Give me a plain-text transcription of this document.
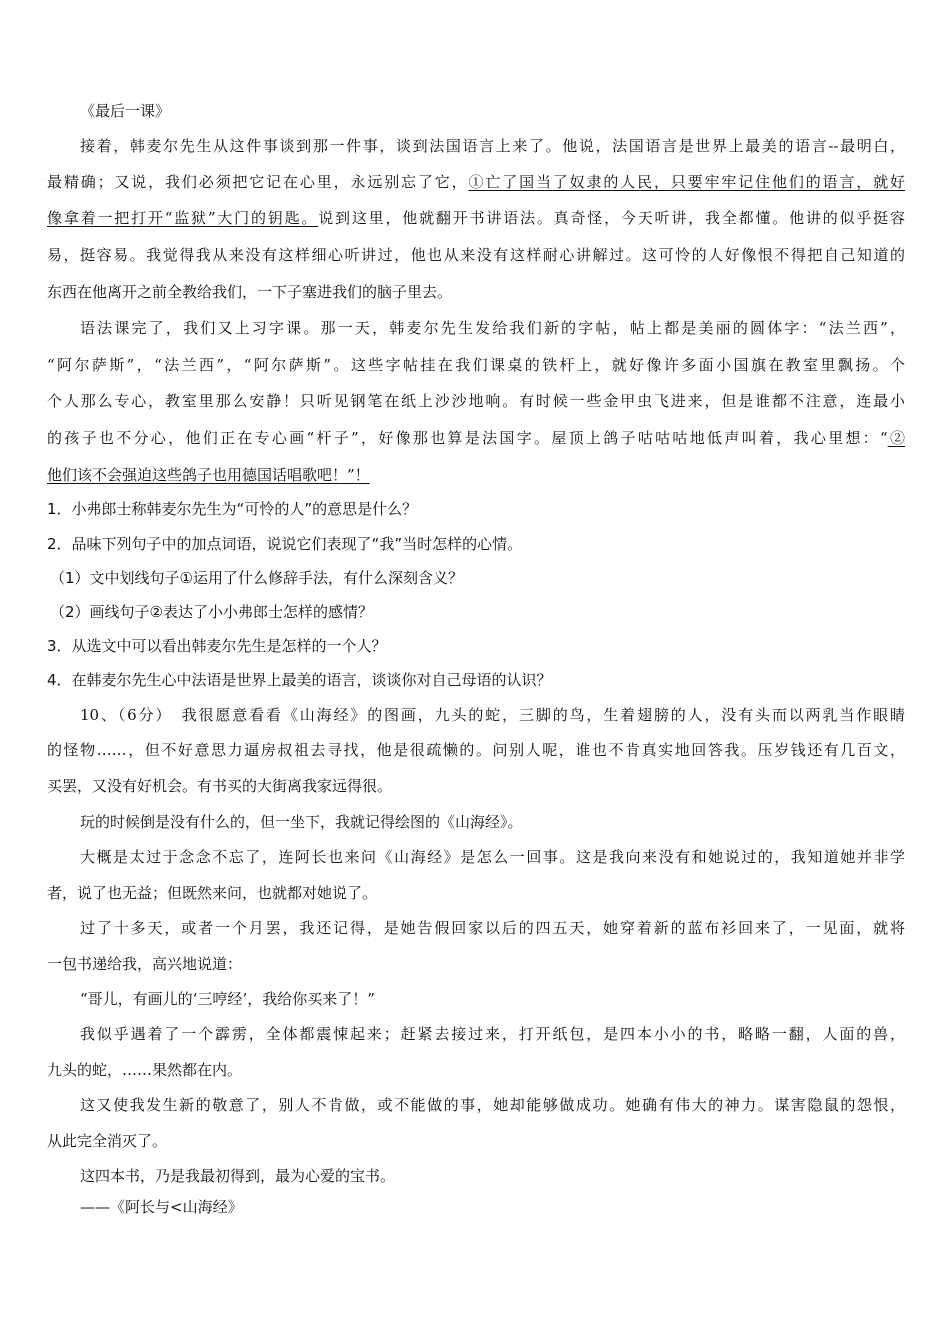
《最后一课》
接着，韩麦尔先生从这件事谈到那一件事，谈到法国语言上来了。他说，法国语言是世界上最美的语言--最明白，
最精确；又说，我们必须把它记在心里，永远别忘了它，①亡了国当了奴隶的人民，只要牢牢记住他们的语言，就好
像拿着一把打开“监狱”大门的钥匙。说到这里，他就翻开书讲语法。真奇怪，今天听讲，我全都懂。他讲的似乎挺容
易，挺容易。我觉得我从来没有这样细心听讲过，他也从来没有这样耐心讲解过。这可怜的人好像恨不得把自己知道的
东西在他离开之前全教给我们，一下子塞进我们的脑子里去。
语法课完了，我们又上习字课。那一天，韩麦尔先生发给我们新的字帖，帖上都是美丽的圆体字：“法兰西”，
“阿尔萨斯”，“法兰西”，“阿尔萨斯”。这些字帖挂在我们课桌的铁杆上，就好像许多面小国旗在教室里飘扬。个
个人那么专心，教室里那么安静！只听见钢笔在纸上沙沙地响。有时候一些金甲虫飞进来，但是谁都不注意，连最小
的孩子也不分心，他们正在专心画“杆子”，好像那也算是法国字。屋顶上鸽子咕咕咕地低声叫着，我心里想：“②
他们该不会强迫这些鸽子也用德国话唱歌吧！”！
1．小弗郎士称韩麦尔先生为“可怜的人”的意思是什么？
2．品味下列句子中的加点词语，说说它们表现了“我”当时怎样的心情。
（1）文中划线句子①运用了什么修辞手法，有什么深刻含义？
（2）画线句子②表达了小小弗郎士怎样的感情？
3．从选文中可以看出韩麦尔先生是怎样的一个人？
4．在韩麦尔先生心中法语是世界上最美的语言，谈谈你对自己母语的认识？
10、（6分）　我很愿意看看《山海经》的图画，九头的蛇，三脚的鸟，生着翅膀的人，没有头而以两乳当作眼睛
的怪物……，但不好意思力逼房叔祖去寻找，他是很疏懒的。问别人呢，谁也不肯真实地回答我。压岁钱还有几百文，
买罢，又没有好机会。有书买的大街离我家远得很。
玩的时候倒是没有什么的，但一坐下，我就记得绘图的《山海经》。
大概是太过于念念不忘了，连阿长也来问《山海经》是怎么一回事。这是我向来没有和她说过的，我知道她并非学
者，说了也无益；但既然来问，也就都对她说了。
过了十多天，或者一个月罢，我还记得，是她告假回家以后的四五天，她穿着新的蓝布衫回来了，一见面，就将
一包书递给我，高兴地说道：
“哥儿，有画儿的‘三哼经’，我给你买来了！”
我似乎遇着了一个霹雳，全体都震悚起来；赶紧去接过来，打开纸包，是四本小小的书，略略一翻，人面的兽，
九头的蛇，……果然都在内。
这又使我发生新的敬意了，别人不肯做，或不能做的事，她却能够做成功。她确有伟大的神力。谋害隐鼠的怨恨，
从此完全消灭了。
这四本书，乃是我最初得到，最为心爱的宝书。
——《阿长与<山海经》
